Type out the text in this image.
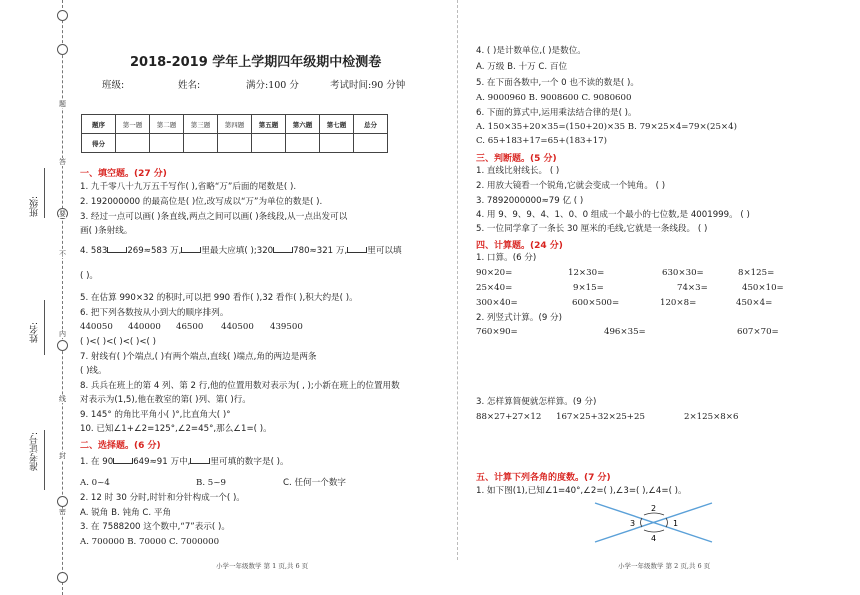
题
答
要
不
内
线
封
密
班级:
姓名:
准考证号:
2018-2019 学年上学期四年级期中检测卷
班级:	姓名:	满分:100 分	考试时间:90 分钟
题序	第一题	第二题	第三题	第四题	第五题	第六题	第七题	总分
得分								
一、填空题。(27 分)
1. 九千零八十九万五千写作( ),省略“万”后面的尾数是( ).
2. 192000000 的最高位是( )位,改写成以“万”为单位的数是( ).
3. 经过一点可以画( )条直线,两点之间可以画( )条线段,从一点出发可以
画( )条射线。
4. 583 269≈583 万, 里最大应填( );320 780≈321 万, 里可以填
( )。
5. 在估算 990×32 的积时,可以把 990 看作( ),32 看作( ),积大约是( )。
6. 把下列各数按从小到大的顺序排列。
440050 440000 46500 440500 439500
( )<( )<( )<( )<( )
7. 射线有( )个端点,( )有两个端点,直线( )端点,角的两边是两条
( )线。
8. 兵兵在班上的第 4 列、第 2 行,他的位置用数对表示为( , );小新在班上的位置用数
对表示为(1,5),他在教室的第( )列、第( )行。
9. 145° 的角比平角小( )°,比直角大( )°
10. 已知∠1+∠2=125°,∠2=45°,那么∠1=( )。
二、选择题。(6 分)
1. 在 90 649≈91 万中, 里可填的数字是( )。
A. 0~4	B. 5~9	C. 任何一个数字
2. 12 时 30 分时,时针和分针构成一个( )。
A. 锐角 B. 钝角 C. 平角
3. 在 7588200 这个数中,“7”表示( )。
A. 700000 B. 70000 C. 7000000
小学一年级数学 第 1 页,共 6 页
4. ( )是计数单位,( )是数位。
A. 万级 B. 十万 C. 百位
5. 在下面各数中,一个 0 也不读的数是( )。
A. 9000960 B. 9008600 C. 9080600
6. 下面的算式中,运用乘法结合律的是( )。
A. 150×35+20×35=(150+20)×35 B. 79×25×4=79×(25×4)
C. 65+183+17=65+(183+17)
三、判断题。(5 分)
1. 直线比射线长。 ( )
2. 用放大镜看一个锐角,它就会变成一个钝角。 ( )
3. 7892000000≈79 亿 ( )
4. 用 9、9、9、4、1、0、0 组成一个最小的七位数,是 4001999。 ( )
5. 一位同学拿了一条长 30 厘米的毛线,它就是一条线段。 ( )
四、计算题。(24 分)
1. 口算。(6 分)
90×20=	12×30=	630×30=	8×125=
25×40=	9×15=	74×3=	450×10=
300×40=	600×500=	120×8=	450×4=
2. 列竖式计算。(9 分)
760×90=	496×35=	607×70=
3. 怎样算简便就怎样算。(9 分)
88×27+27×12 167×25+32×25+25	2×125×8×6
五、计算下列各角的度数。(7 分)
1. 如下图(1),已知∠1=40°,∠2=( ),∠3=( ),∠4=( )。
1
2
3
4
小学一年级数学 第 2 页,共 6 页
